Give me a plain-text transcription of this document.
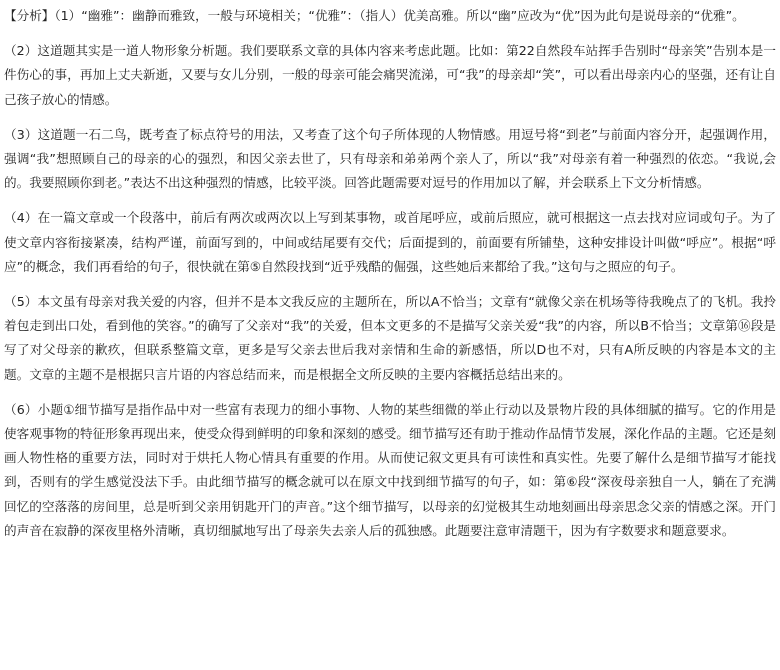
【分析】（1）“幽雅”：幽静而雅致，一般与环境相关；“优雅”：（指人）优美高雅。所以“幽”应改为“优”因为此句是说母亲的“优雅”。

（2）这道题其实是一道人物形象分析题。我们要联系文章的具体内容来考虑此题。比如：第22自然段车站挥手告别时“母亲笑”告别本是一件伤心的事，再加上丈夫新逝，又要与女儿分别，一般的母亲可能会痛哭流涕，可“我”的母亲却“笑”，可以看出母亲内心的坚强，还有让自己孩子放心的情感。

（3）这道题一石二鸟，既考查了标点符号的用法，又考查了这个句子所体现的人物情感。用逗号将“到老”与前面内容分开，起强调作用，强调“我”想照顾自己的母亲的心的强烈，和因父亲去世了，只有母亲和弟弟两个亲人了，所以“我”对母亲有着一种强烈的依恋。“我说,会的。我要照顾你到老。”表达不出这种强烈的情感，比较平淡。回答此题需要对逗号的作用加以了解，并会联系上下文分析情感。

（4）在一篇文章或一个段落中，前后有两次或两次以上写到某事物，或首尾呼应，或前后照应，就可根据这一点去找对应词或句子。为了使文章内容衔接紧凑，结构严谨，前面写到的，中间或结尾要有交代；后面提到的，前面要有所铺垫，这种安排设计叫做“呼应”。根据“呼应”的概念，我们再看给的句子，很快就在第⑤自然段找到“近乎残酷的倔强，这些她后来都给了我。”这句与之照应的句子。

（5）本文虽有母亲对我关爱的内容，但并不是本文我反应的主题所在，所以A不恰当；文章有“就像父亲在机场等待我晚点了的飞机。我拎着包走到出口处，看到他的笑容。”的确写了父亲对“我”的关爱，但本文更多的不是描写父亲关爱“我”的内容，所以B不恰当；文章第⑯段是写了对父母亲的歉疚，但联系整篇文章，更多是写父亲去世后我对亲情和生命的新感悟，所以D也不对，只有A所反映的内容是本文的主题。文章的主题不是根据只言片语的内容总结而来，而是根据全文所反映的主要内容概括总结出来的。

（6）小题①细节描写是指作品中对一些富有表现力的细小事物、人物的某些细微的举止行动以及景物片段的具体细腻的描写。它的作用是使客观事物的特征形象再现出来，使受众得到鲜明的印象和深刻的感受。细节描写还有助于推动作品情节发展，深化作品的主题。它还是刻画人物性格的重要方法，同时对于烘托人物心情具有重要的作用。从而使记叙文更具有可读性和真实性。先要了解什么是细节描写才能找到，否则有的学生感觉没法下手。由此细节描写的概念就可以在原文中找到细节描写的句子，如：第⑥段“深夜母亲独自一人，躺在了充满回忆的空落落的房间里，总是听到父亲用钥匙开门的声音。”这个细节描写，以母亲的幻觉极其生动地刻画出母亲思念父亲的情感之深。开门的声音在寂静的深夜里格外清晰，真切细腻地写出了母亲失去亲人后的孤独感。此题要注意审清题干，因为有字数要求和题意要求。
